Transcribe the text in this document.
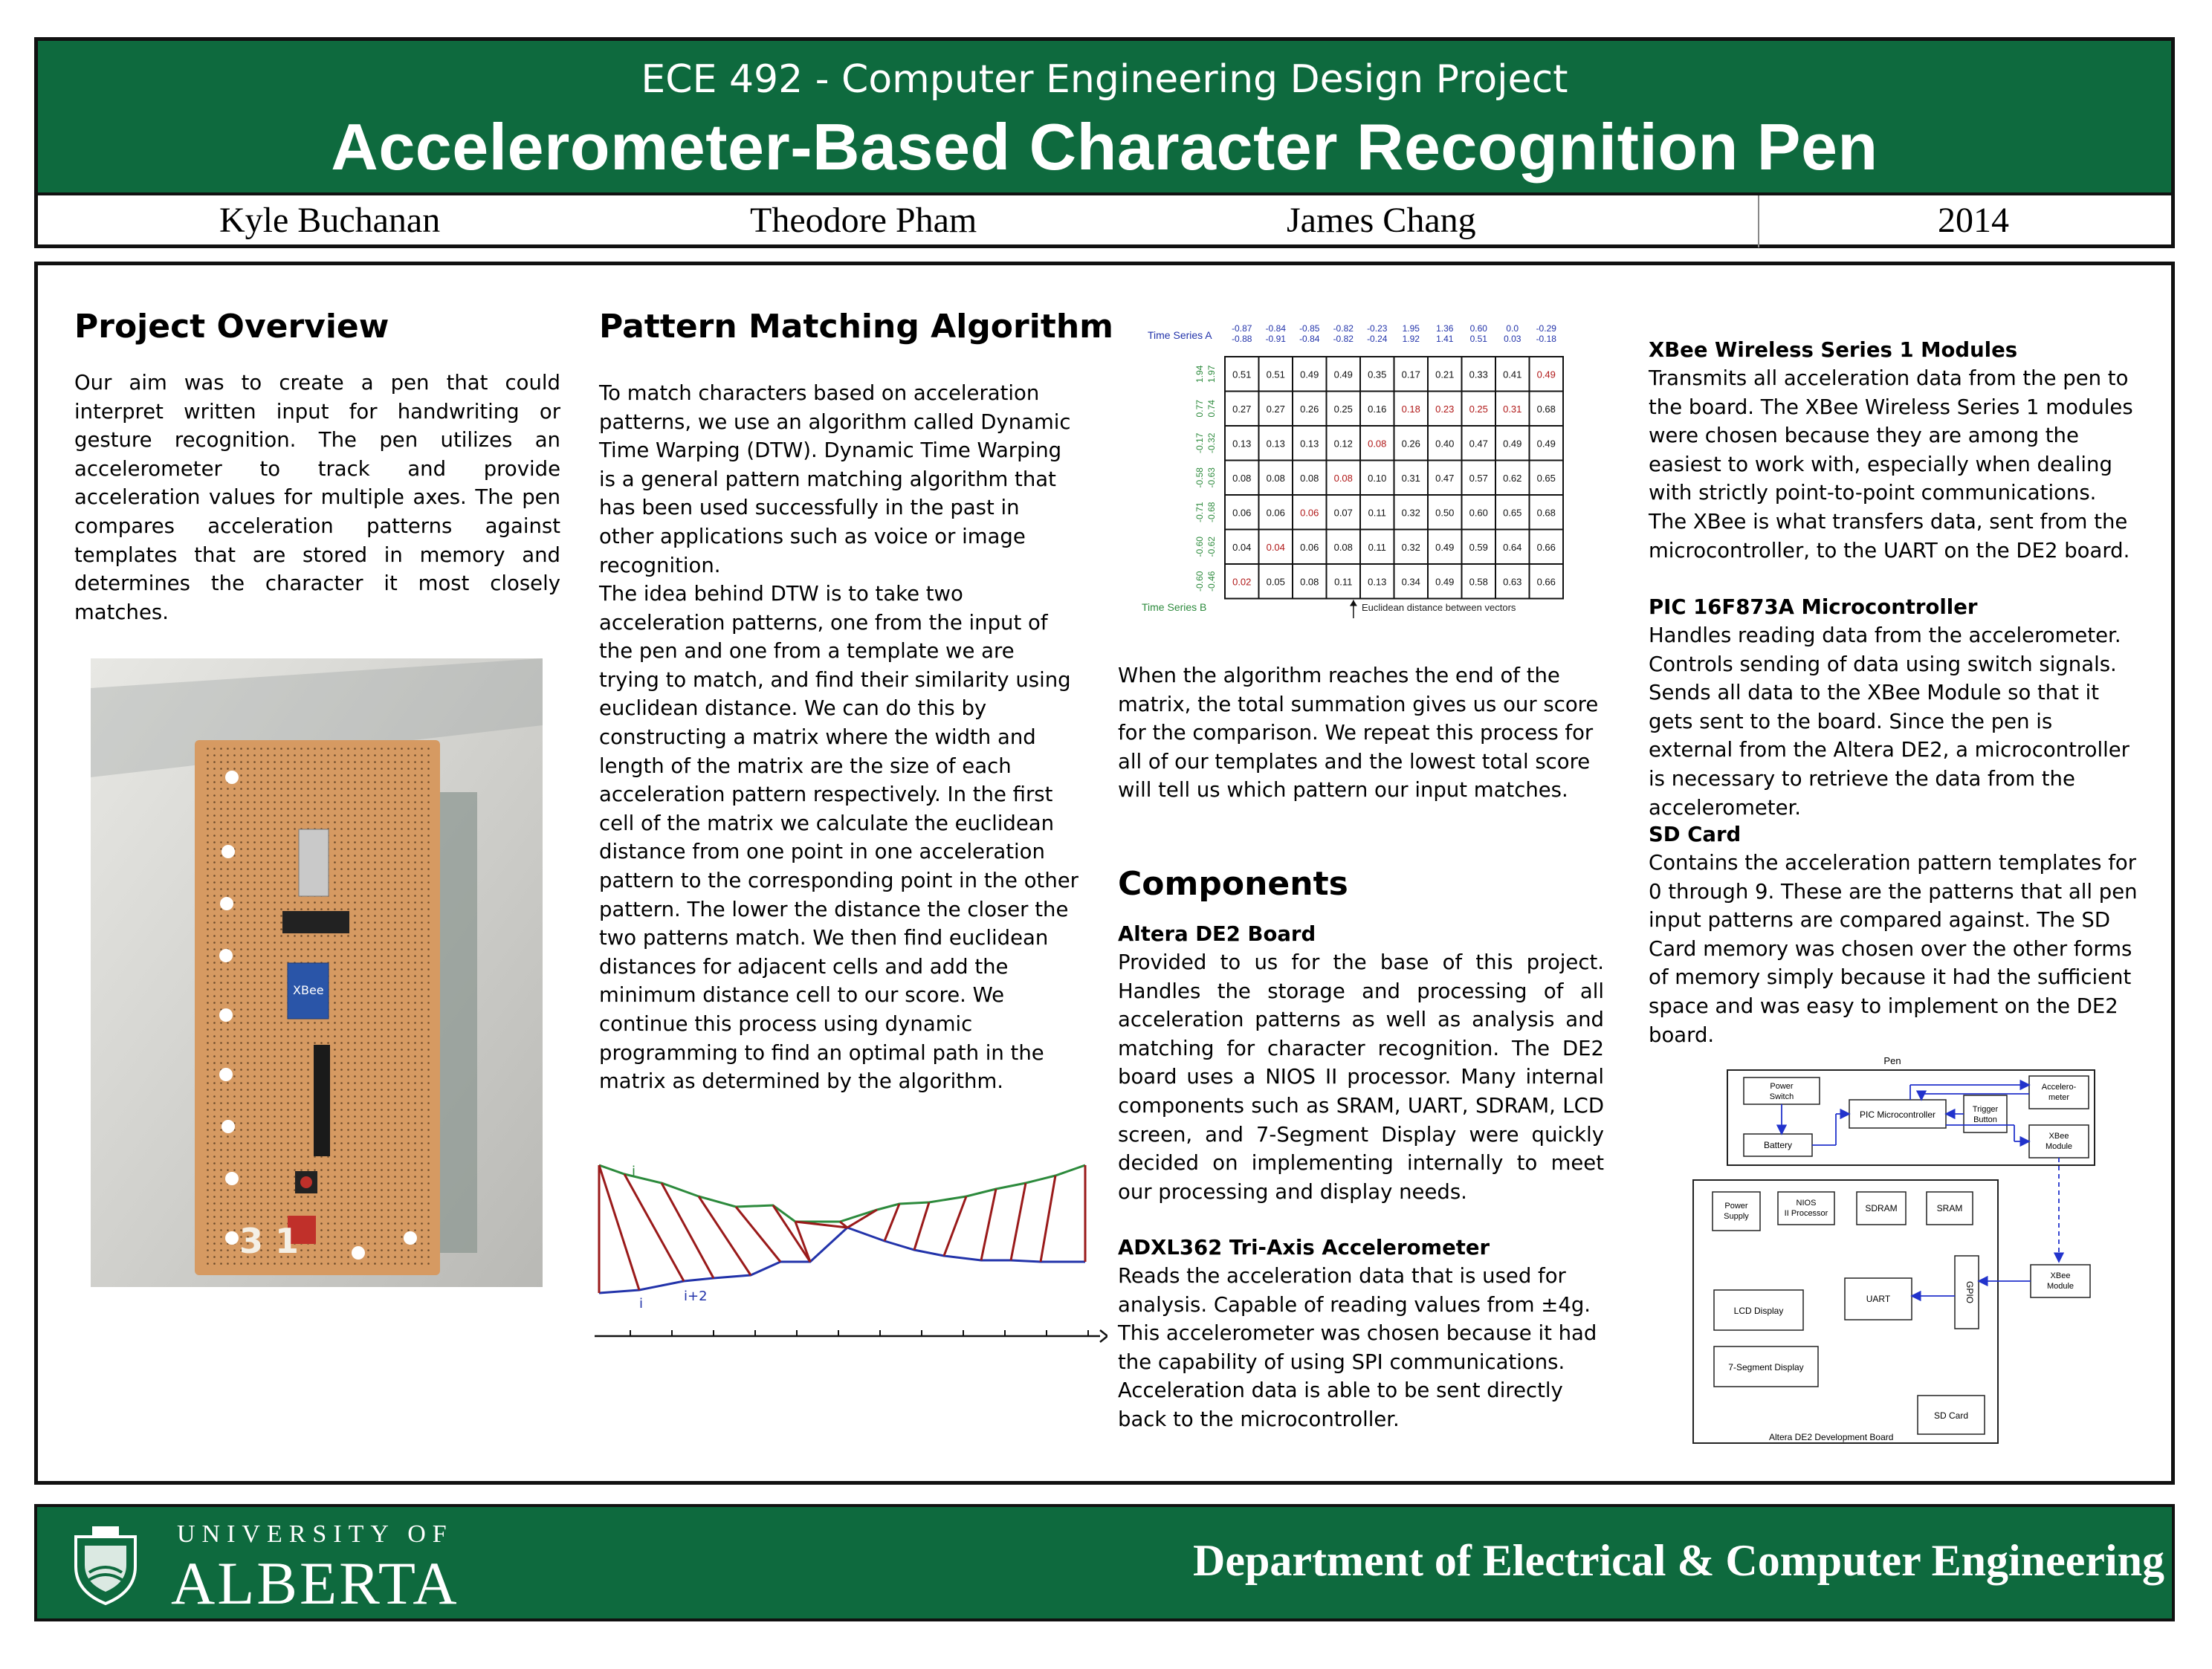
ECE 492 - Computer Engineering Design Project
Accelerometer-Based Character Recognition Pen
Kyle Buchanan	Theodore Pham	James Chang	2014
Project Overview

Our aim was to create a pen that could interpret written input for handwriting or gesture recognition. The pen utilizes an accelerometer to track and provide acceleration values for multiple axes. The pen compares acceleration patterns against templates that are stored in memory and determines the character it most closely matches.

XBee
3 1
Pattern Matching Algorithm

To match characters based on acceleration patterns, we use an algorithm called Dynamic Time Warping (DTW). Dynamic Time Warping is a general pattern matching algorithm that has been used successfully in the past in other applications such as voice or image recognition.

The idea behind DTW is to take two acceleration patterns, one from the input of the pen and one from a template we are trying to match, and find their similarity using euclidean distance. We can do this by constructing a matrix where the width and length of the matrix are the size of each acceleration pattern respectively. In the first cell of the matrix we calculate the euclidean distance from one point in one acceleration pattern to the corresponding point in the other pattern. The lower the distance the closer the two patterns match. We then find euclidean distances for adjacent cells and add the minimum distance cell to our score. We continue this process using dynamic programming to find an optimal path in the matrix as determined by the algorithm.

i
i	i+2
Time Series A
Time Series B	Euclidean distance between vectors
-0.87
-0.88
-0.84
-0.91
-0.85
-0.84
-0.82
-0.82
-0.23
-0.24
1.95
1.92
1.36
1.41
0.60
0.51
0.0
0.03
-0.29
-0.18
1.94 1.97
0.77 0.74
-0.17 -0.32
-0.58 -0.63
-0.71 -0.68
-0.60 -0.62
-0.60 -0.46
0.51 0.51 0.49 0.49 0.35 0.17 0.21 0.33 0.41 0.49
0.27 0.27 0.26 0.25 0.16 0.18 0.23 0.25 0.31 0.68
0.13 0.13 0.13 0.12 0.08 0.26 0.40 0.47 0.49 0.49
0.08 0.08 0.08 0.08 0.10 0.31 0.47 0.57 0.62 0.65
0.06 0.06 0.06 0.07 0.11 0.32 0.50 0.60 0.65 0.68
0.04 0.04 0.06 0.08 0.11 0.32 0.49 0.59 0.64 0.66
0.02 0.05 0.08 0.11 0.13 0.34 0.49 0.58 0.63 0.66

When the algorithm reaches the end of the matrix, the total summation gives us our score for the comparison. We repeat this process for all of our templates and the lowest total score will tell us which pattern our input matches.

Components

Altera DE2 Board

Provided to us for the base of this project. Handles the storage and processing of all acceleration patterns as well as analysis and matching for character recognition. The DE2 board uses a NIOS II processor. Many internal components such as SRAM, UART, SDRAM, LCD screen, and 7-Segment Display were quickly decided on implementing internally to meet our processing and display needs.

ADXL362 Tri-Axis Accelerometer

Reads the acceleration data that is used for analysis. Capable of reading values from ±4g. This accelerometer was chosen because it had the capability of using SPI communications. Acceleration data is able to be sent directly back to the microcontroller.

XBee Wireless Series 1 Modules

Transmits all acceleration data from the pen to the board. The XBee Wireless Series 1 modules were chosen because they are among the easiest to work with, especially when dealing with strictly point-to-point communications. The XBee is what transfers data, sent from the microcontroller, to the UART on the DE2 board.

PIC 16F873A Microcontroller

Handles reading data from the accelerometer. Controls sending of data using switch signals. Sends all data to the XBee Module so that it gets sent to the board. Since the pen is external from the Altera DE2, a microcontroller is necessary to retrieve the data from the accelerometer.

SD Card

Contains the acceleration pattern templates for 0 through 9. These are the patterns that all pen input patterns are compared against. The SD Card memory was chosen over the other forms of memory simply because it had the sufficient space and was easy to implement on the DE2 board.

Pen
Power Switch
Battery
PIC Microcontroller	Trigger Button
Accelero-meter
XBee Module
Power Supply
NIOS II Processor	SDRAM	SRAM
GPIO
XBee Module
UART
LCD Display
7-Segment Display
SD Card
Altera DE2 Development Board
UNIVERSITY OF
ALBERTA	Department of Electrical & Computer Engineering
